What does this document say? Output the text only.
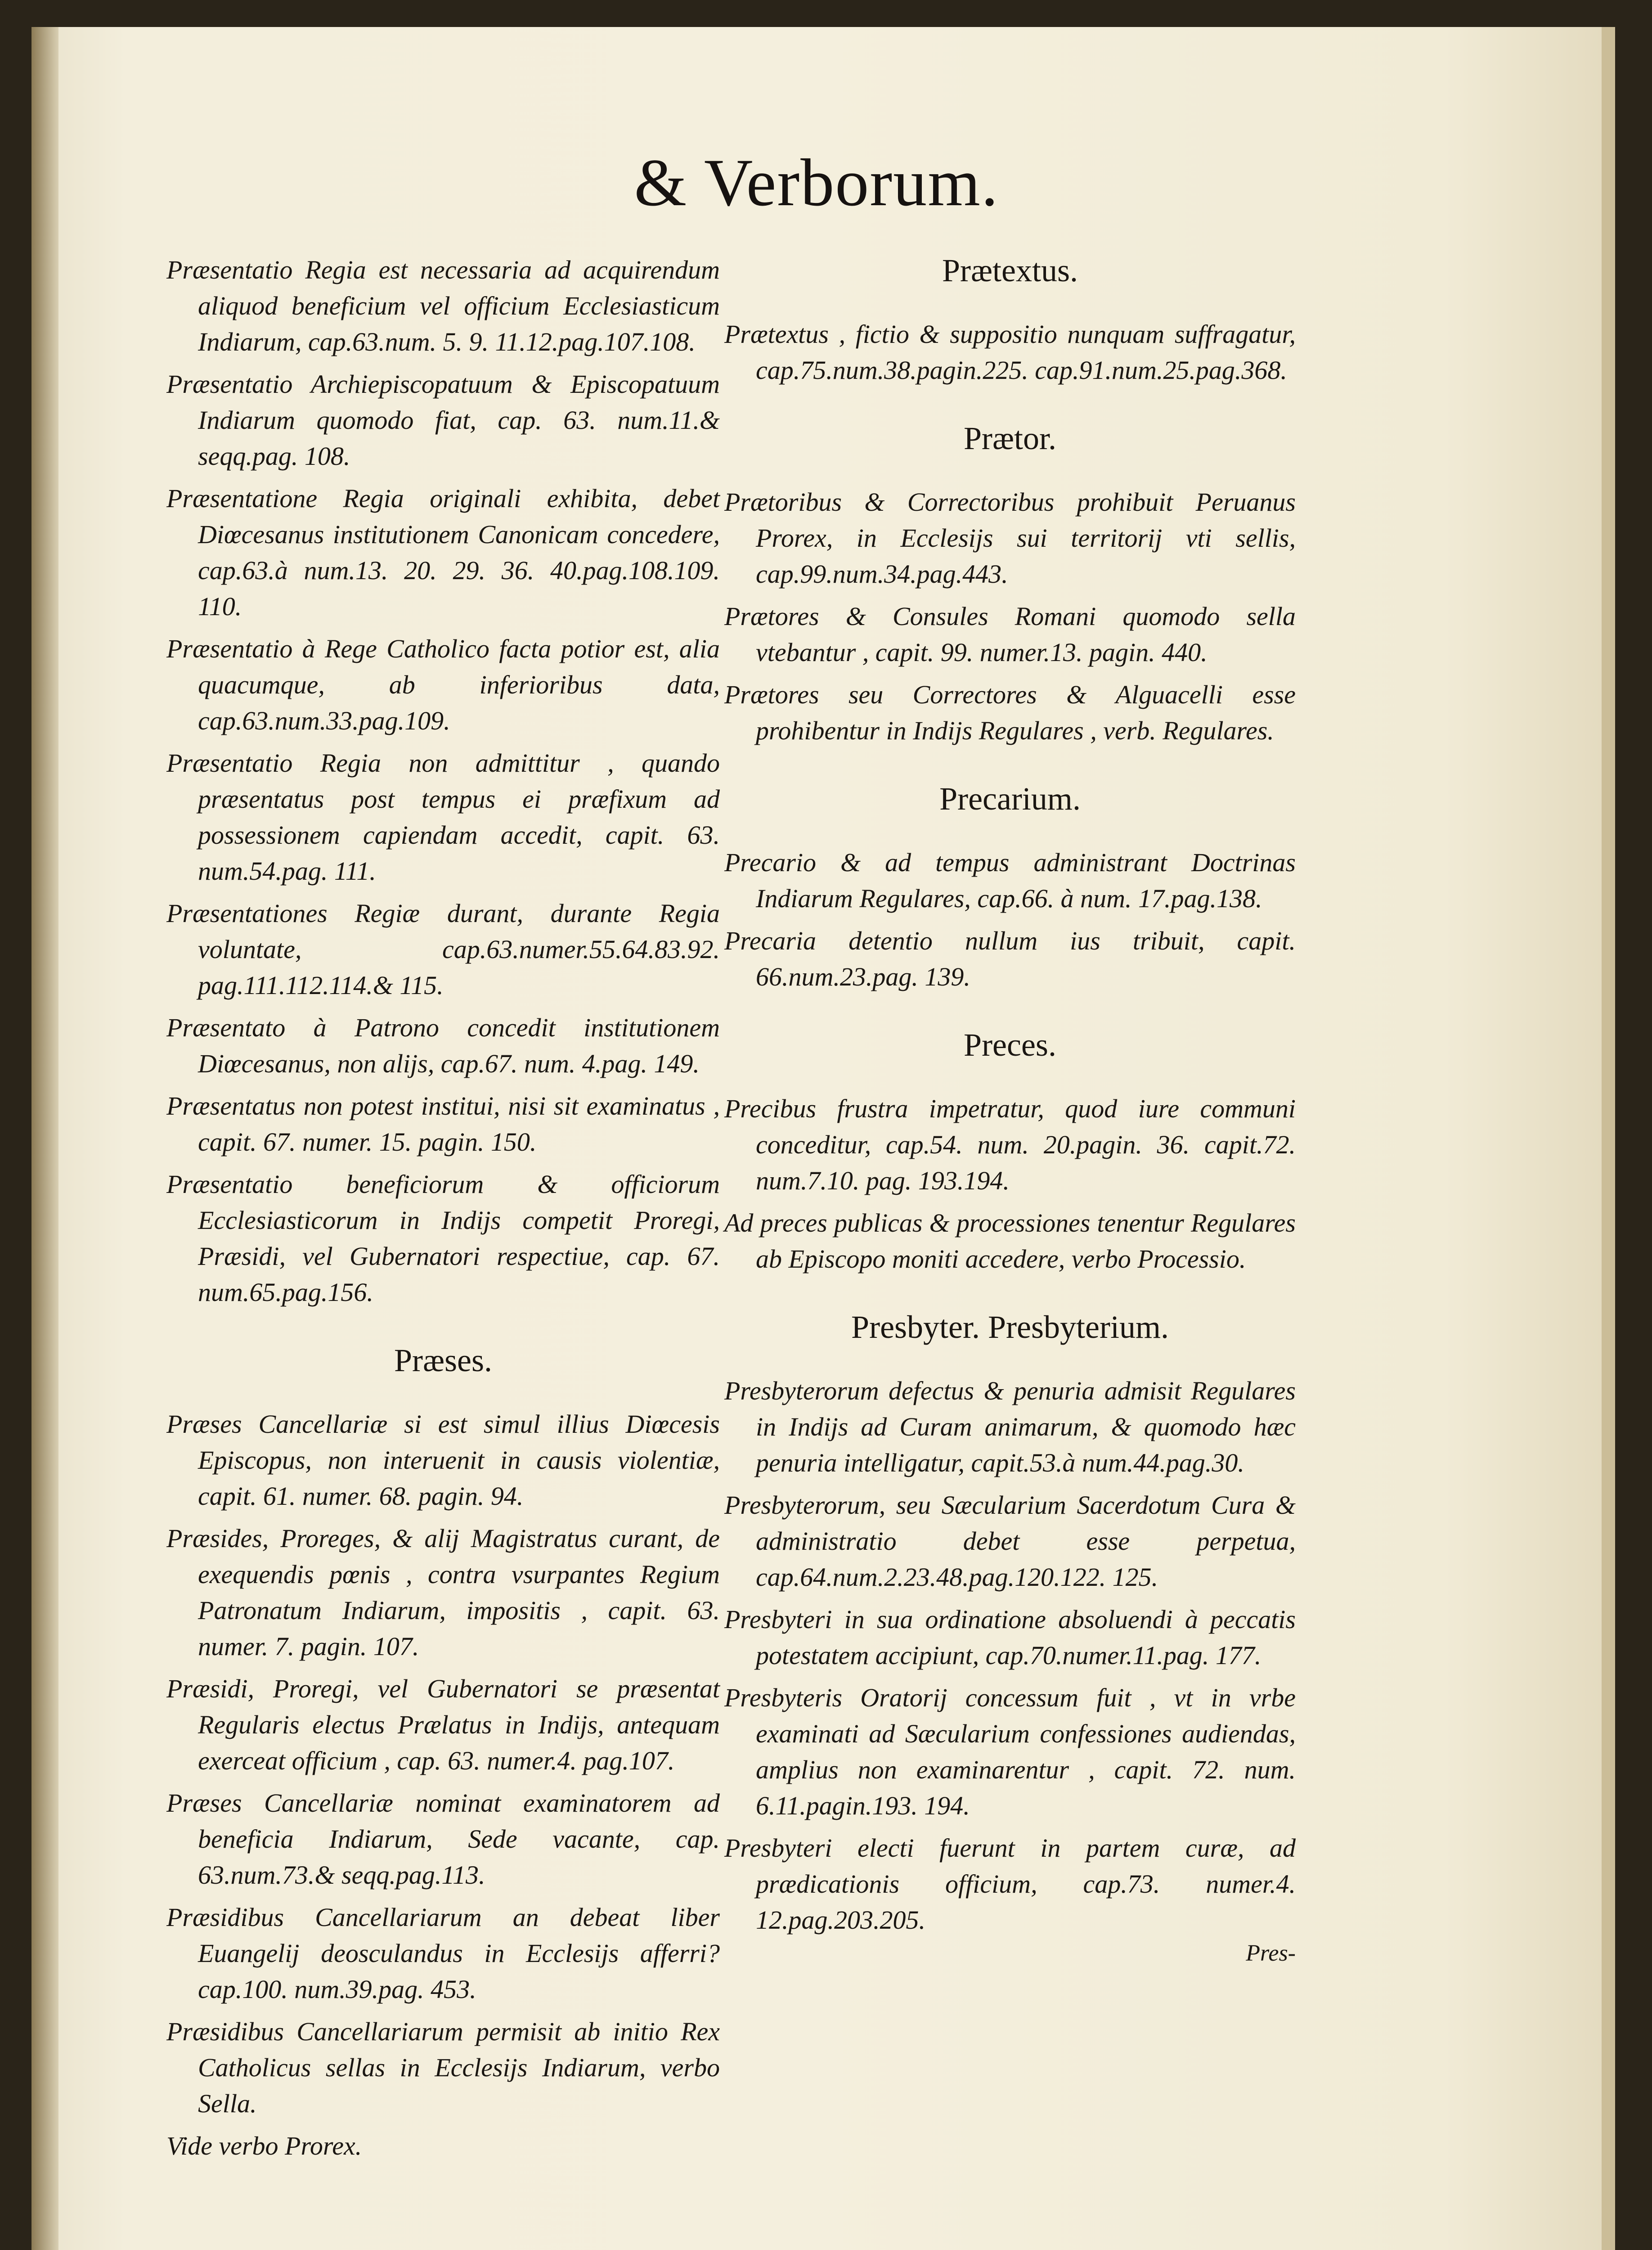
& Verborum.
Præsentatio Regia est necessaria ad acquirendum aliquod beneficium vel officium Ecclesiasticum Indiarum, cap.63.num. 5. 9. 11.12.pag.107.108.
Præsentatio Archiepiscopatuum & Episcopatuum Indiarum quomodo fiat, cap. 63. num.11.& seqq.pag. 108.
Præsentatione Regia originali exhibita, debet Diœcesanus institutionem Canonicam concedere, cap.63.à num.13. 20. 29. 36. 40.pag.108.109. 110.
Præsentatio à Rege Catholico facta potior est, alia quacumque, ab inferioribus data, cap.63.num.33.pag.109.
Præsentatio Regia non admittitur , quando præsentatus post tempus ei præfixum ad possessionem capiendam accedit, capit. 63. num.54.pag. 111.
Præsentationes Regiæ durant, durante Regia voluntate, cap.63.numer.55.64.83.92. pag.111.112.114.& 115.
Præsentato à Patrono concedit institutionem Diœcesanus, non alijs, cap.67. num. 4.pag. 149.
Præsentatus non potest institui, nisi sit examinatus , capit. 67. numer. 15. pagin. 150.
Præsentatio beneficiorum & officiorum Ecclesiasticorum in Indijs competit Proregi, Præsidi, vel Gubernatori respectiue, cap. 67. num.65.pag.156.
Præses.
Præses Cancellariæ si est simul illius Diœcesis Episcopus, non interuenit in causis violentiæ, capit. 61. numer. 68. pagin. 94.
Præsides, Proreges, & alij Magistratus curant, de exequendis pœnis , contra vsurpantes Regium Patronatum Indiarum, impositis , capit. 63. numer. 7. pagin. 107.
Præsidi, Proregi, vel Gubernatori se præsentat Regularis electus Prælatus in Indijs, antequam exerceat officium , cap. 63. numer.4. pag.107.
Præses Cancellariæ nominat examinatorem ad beneficia Indiarum, Sede vacante, cap. 63.num.73.& seqq.pag.113.
Præsidibus Cancellariarum an debeat liber Euangelij deosculandus in Ecclesijs afferri? cap.100. num.39.pag. 453.
Præsidibus Cancellariarum permisit ab initio Rex Catholicus sellas in Ecclesijs Indiarum, verbo Sella.
Vide verbo Prorex.
Prætextus.
Prætextus , fictio & suppositio nunquam suffragatur, cap.75.num.38.pagin.225. cap.91.num.25.pag.368.
Prætor.
Prætoribus & Correctoribus prohibuit Peruanus Prorex, in Ecclesijs sui territorij vti sellis, cap.99.num.34.pag.443.
Prætores & Consules Romani quomodo sella vtebantur , capit. 99. numer.13. pagin. 440.
Prætores seu Correctores & Alguacelli esse prohibentur in Indijs Regulares , verb. Regulares.
Precarium.
Precario & ad tempus administrant Doctrinas Indiarum Regulares, cap.66. à num. 17.pag.138.
Precaria detentio nullum ius tribuit, capit. 66.num.23.pag. 139.
Preces.
Precibus frustra impetratur, quod iure communi conceditur, cap.54. num. 20.pagin. 36. capit.72. num.7.10. pag. 193.194.
Ad preces publicas & processiones tenentur Regulares ab Episcopo moniti accedere, verbo Processio.
Presbyter. Presbyterium.
Presbyterorum defectus & penuria admisit Regulares in Indijs ad Curam animarum, & quomodo hæc penuria intelligatur, capit.53.à num.44.pag.30.
Presbyterorum, seu Sæcularium Sacerdotum Cura & administratio debet esse perpetua, cap.64.num.2.23.48.pag.120.122. 125.
Presbyteri in sua ordinatione absoluendi à peccatis potestatem accipiunt, cap.70.numer.11.pag. 177.
Presbyteris Oratorij concessum fuit , vt in vrbe examinati ad Sæcularium confessiones audiendas, amplius non examinarentur , capit. 72. num. 6.11.pagin.193. 194.
Presbyteri electi fuerunt in partem curæ, ad prædicationis officium, cap.73. numer.4. 12.pag.203.205.
Pres-
